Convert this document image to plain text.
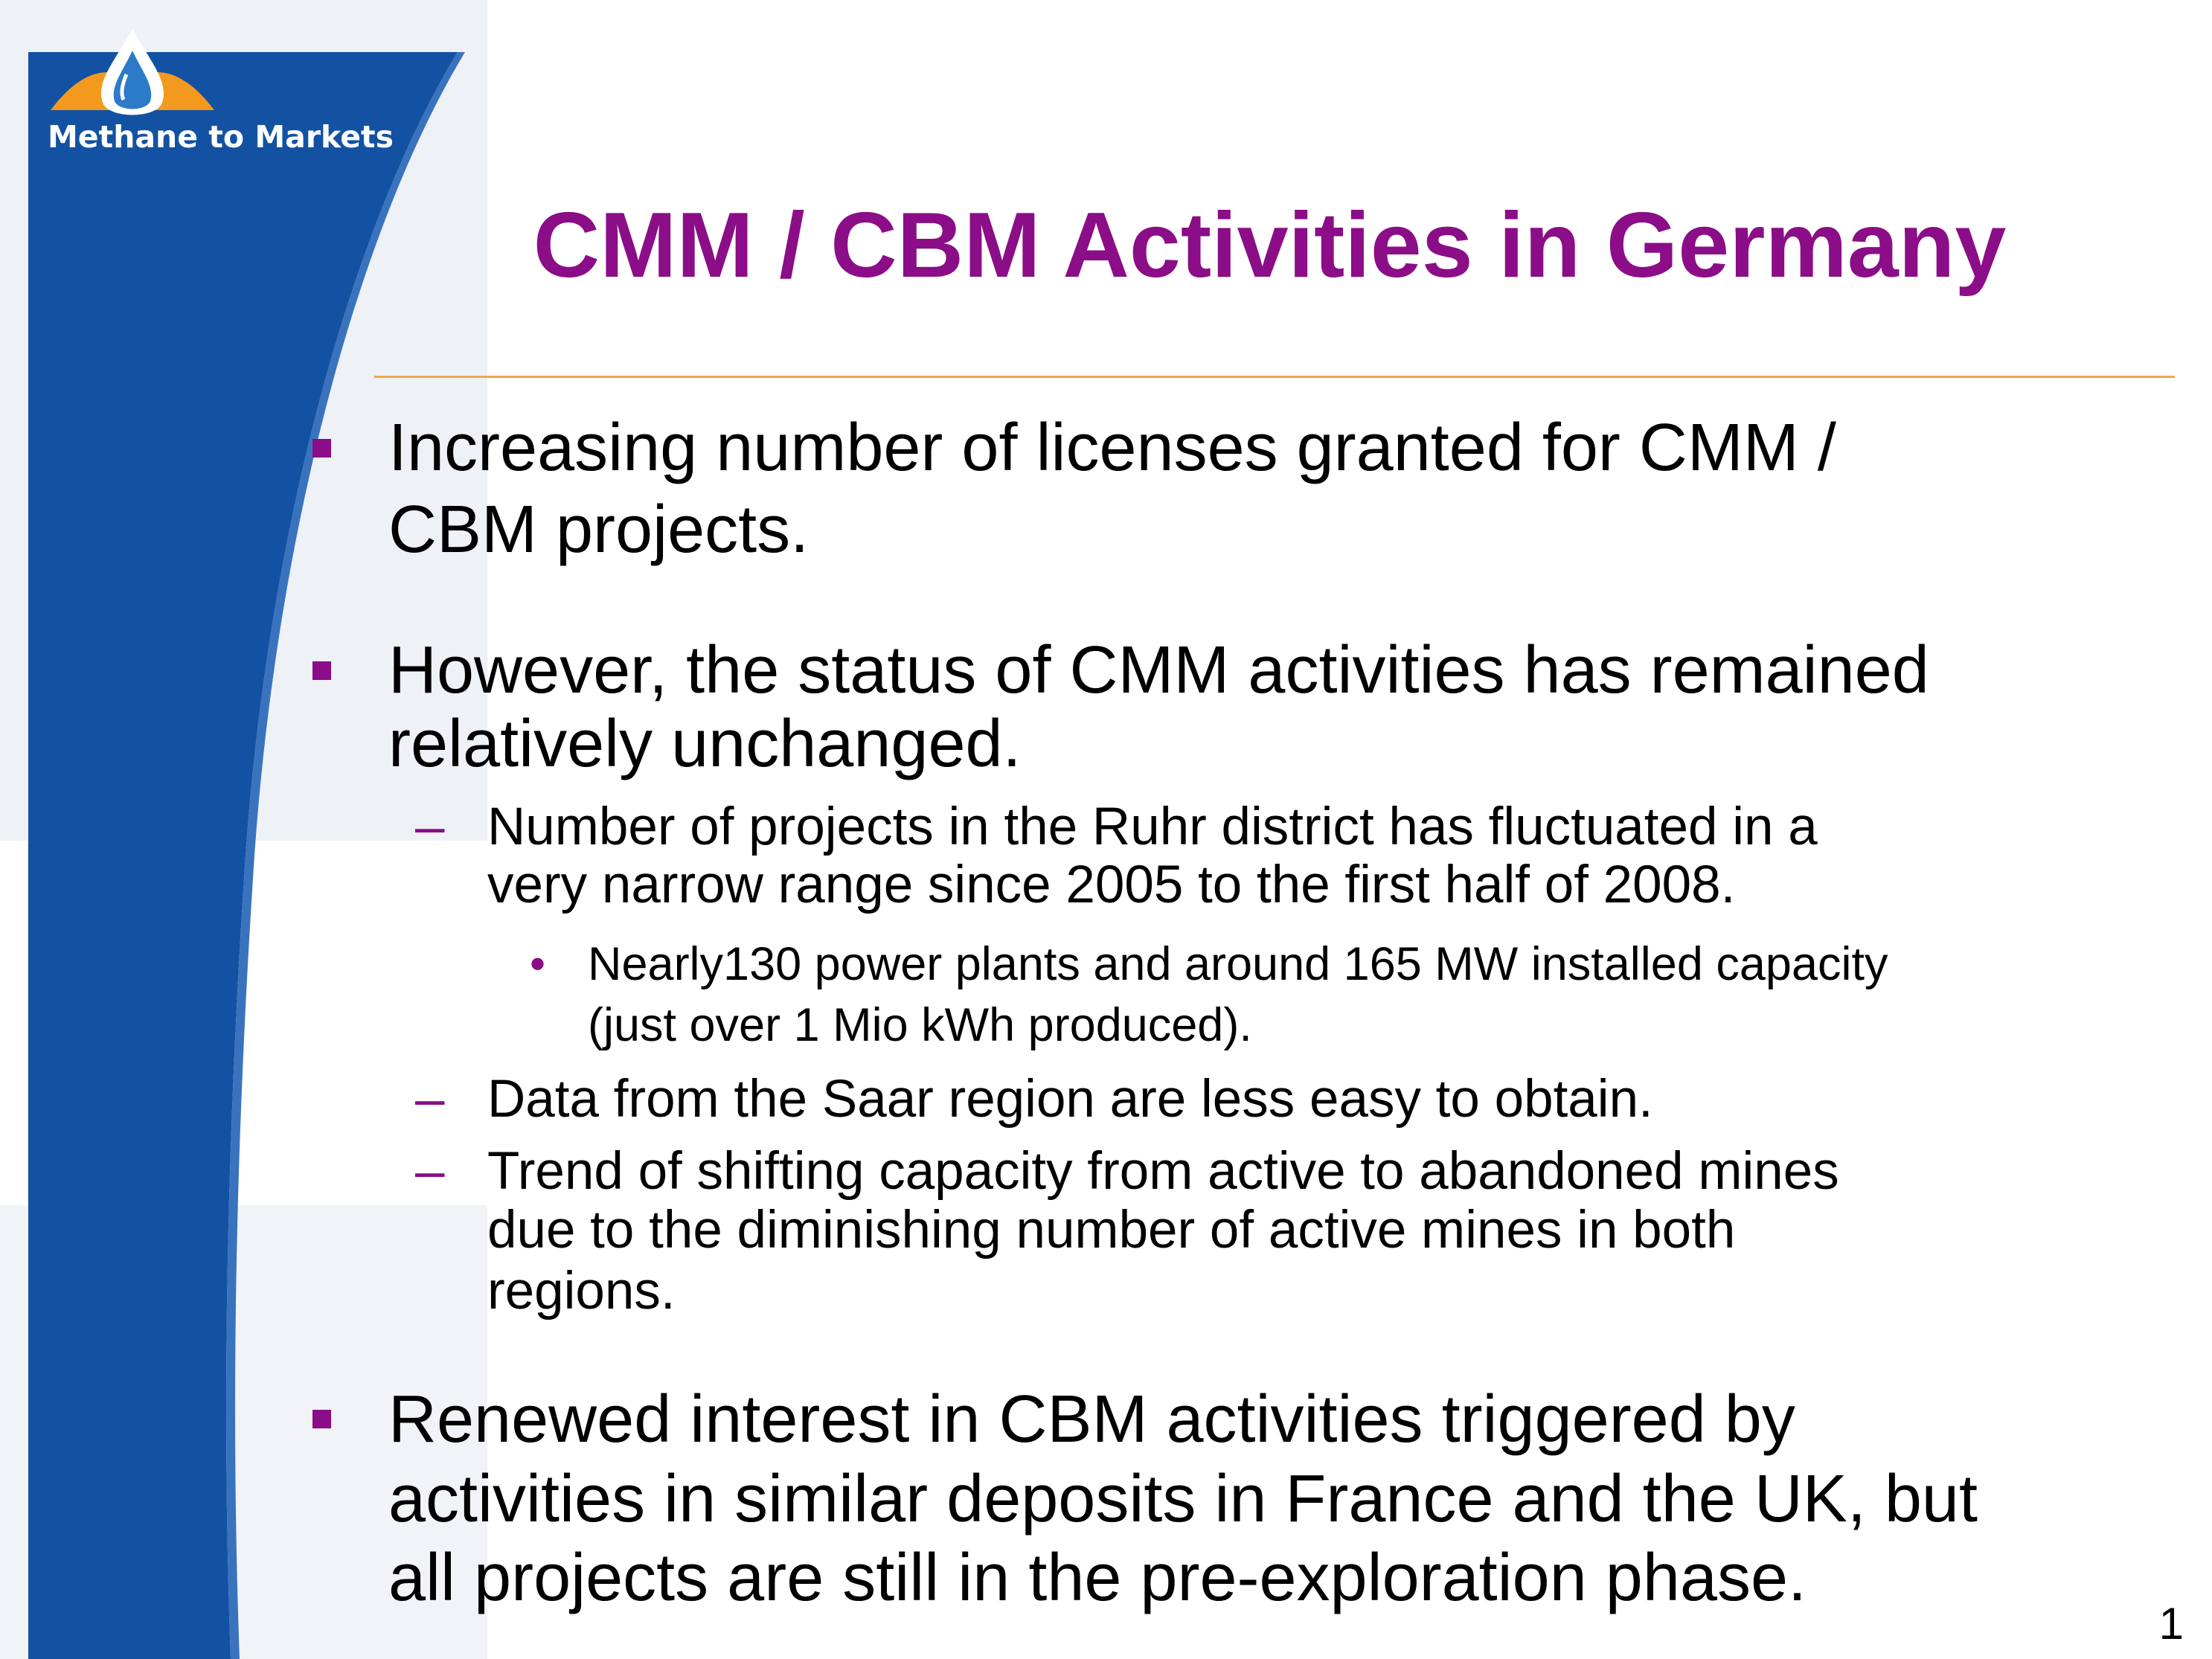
Methane to Markets
CMM / CBM Activities in Germany
Increasing number of licenses granted for CMM /
CBM projects.
However, the status of CMM activities has remained
relatively unchanged.
– Number of projects in the Ruhr district has fluctuated in a
very narrow range since 2005 to the first half of 2008.
• Nearly130 power plants and around 165 MW installed capacity
(just over 1 Mio kWh produced).
– Data from the Saar region are less easy to obtain.
– Trend of shifting capacity from active to abandoned mines
due to the diminishing number of active mines in both
regions.
Renewed interest in CBM activities triggered by
activities in similar deposits in France and the UK, but
all projects are still in the pre-exploration phase.
1
